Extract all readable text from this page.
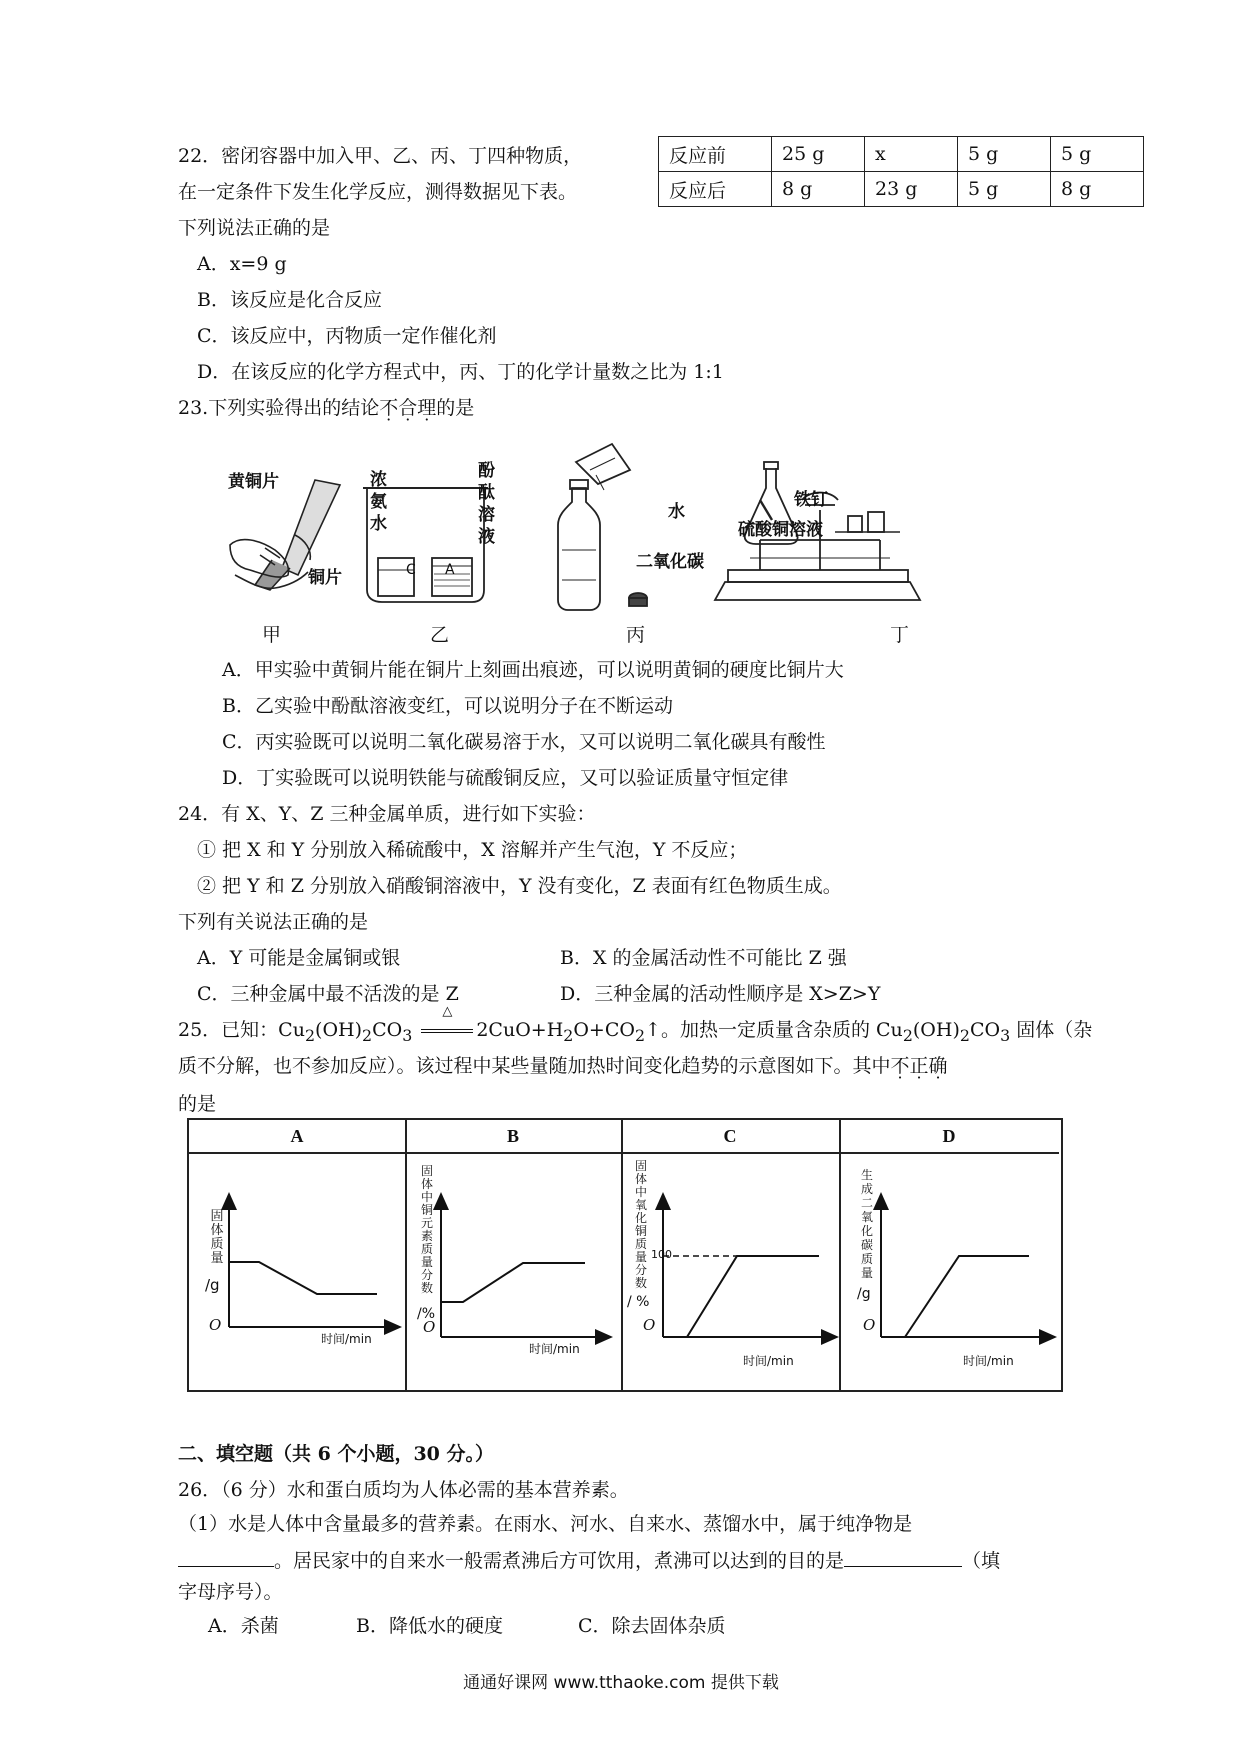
22．密闭容器中加入甲、乙、丙、丁四种物质，
在一定条件下发生化学反应，测得数据见下表。
下列说法正确的是
反应前	25 g	x	5 g	5 g
反应后	8 g	23 g	5 g	8 g
A．x=9 g
B．该反应是化合反应
C．该反应中，丙物质一定作催化剂
D．在该反应的化学方程式中，丙、丁的化学计量数之比为 1:1
23.下列实验得出的结论不合理的是
黄铜片
铜片
浓
氨
水
酚
酞
溶
液
C A
水
二氧化碳
铁钉
硫酸铜溶液
甲	乙	丙	丁
A．甲实验中黄铜片能在铜片上刻画出痕迹，可以说明黄铜的硬度比铜片大
B．乙实验中酚酞溶液变红，可以说明分子在不断运动
C．丙实验既可以说明二氧化碳易溶于水，又可以说明二氧化碳具有酸性
D．丁实验既可以说明铁能与硫酸铜反应，又可以验证质量守恒定律
24．有 X、Y、Z 三种金属单质，进行如下实验：
① 把 X 和 Y 分别放入稀硫酸中，X 溶解并产生气泡，Y 不反应；
② 把 Y 和 Z 分别放入硝酸铜溶液中，Y 没有变化，Z 表面有红色物质生成。
下列有关说法正确的是
A．Y 可能是金属铜或银	B．X 的金属活动性不可能比 Z 强
C．三种金属中最不活泼的是 Z	D．三种金属的活动性顺序是 X>Z>Y
25．已知：$Cu_2(OH)_2CO_3$
△
$2CuO+H_2O+CO_2↑$。加热一定质量含杂质的 $Cu_2(OH)_2CO_3$ 固体（杂
质不分解，也不参加反应）。该过程中某些量随加热时间变化趋势的示意图如下。其中不正确
的是
A
固体质量
/g
O
时间/min
B
固体中铜元素质量分数
/%
O
时间/min
C
固体中氧化铜质量分数
100
/ %
O
时间/min
D
生成二氧化碳质量
/g
O
时间/min
二、填空题（共 6 个小题，30 分。）
26．（6 分）水和蛋白质均为人体必需的基本营养素。
（1）水是人体中含量最多的营养素。在雨水、河水、自来水、蒸馏水中，属于纯净物是
。居民家中的自来水一般需煮沸后方可饮用，煮沸可以达到的目的是	（填
字母序号）。
A．杀菌	B．降低水的硬度	C．除去固体杂质
通通好课网 www.tthaoke.com 提供下载
